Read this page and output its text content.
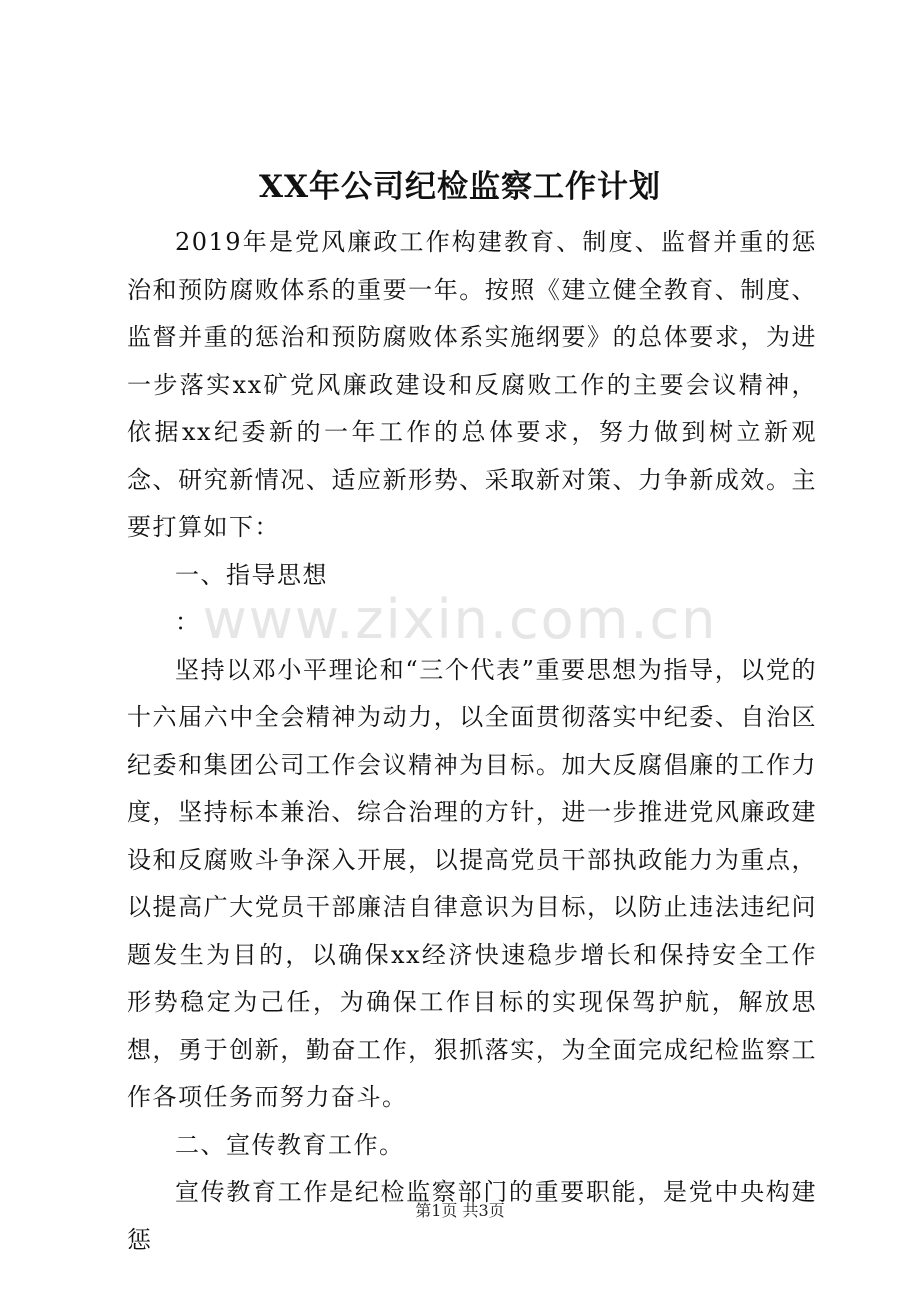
XX年公司纪检监察工作计划

2019年是党风廉政工作构建教育、制度、监督并重的惩治和预防腐败体系的重要一年。按照《建立健全教育、制度、监督并重的惩治和预防腐败体系实施纲要》的总体要求，为进一步落实xx矿党风廉政建设和反腐败工作的主要会议精神，依据xx纪委新的一年工作的总体要求，努力做到树立新观念、研究新情况、适应新形势、采取新对策、力争新成效。主要打算如下：

一、指导思想

：

坚持以邓小平理论和“三个代表”重要思想为指导，以党的十六届六中全会精神为动力，以全面贯彻落实中纪委、自治区纪委和集团公司工作会议精神为目标。加大反腐倡廉的工作力度，坚持标本兼治、综合治理的方针，进一步推进党风廉政建设和反腐败斗争深入开展，以提高党员干部执政能力为重点，以提高广大党员干部廉洁自律意识为目标，以防止违法违纪问题发生为目的，以确保xx经济快速稳步增长和保持安全工作形势稳定为己任，为确保工作目标的实现保驾护航，解放思想，勇于创新，勤奋工作，狠抓落实，为全面完成纪检监察工作各项任务而努力奋斗。

二、宣传教育工作。

宣传教育工作是纪检监察部门的重要职能，是党中央构建惩

www.zixin.com.cn
第1页 共3页
